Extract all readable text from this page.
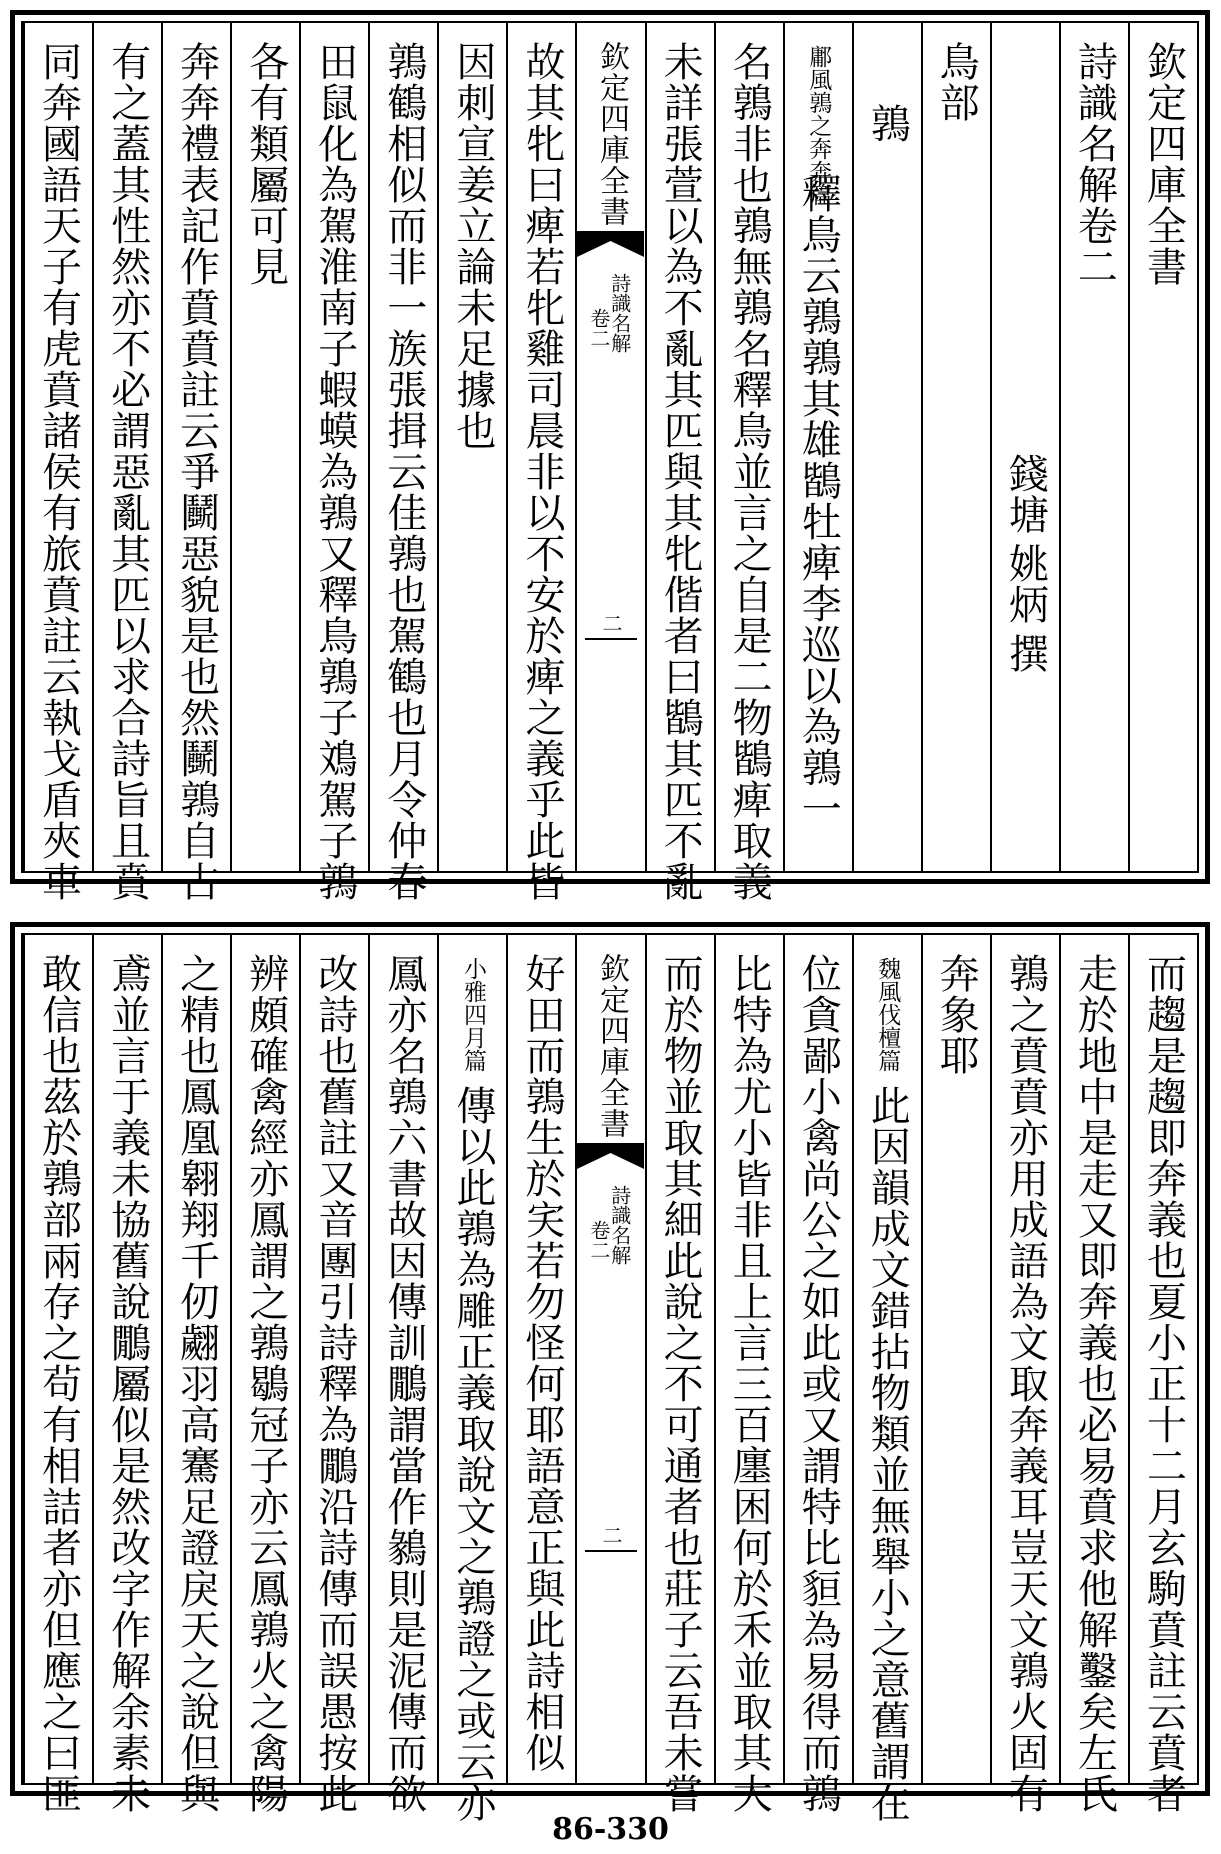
欽定四庫全書
詩識名解卷二
錢塘
姚炳
撰
鳥部
鶉
鄘風鶉之奔奔篇
釋鳥云鶉鶉其雄鶛牡痺李巡以為鶉一
名鶉非也鶉無鶉名釋鳥並言之自是二物鶛痺取義
未詳張萱以為不亂其匹與其牝偕者曰鶛其匹不亂
欽定四庫全書
詩識名解
卷二
二
故其牝曰痺若牝雞司晨非以不安於痺之義乎此皆
因刺宣姜立論未足據也
鶉鶴相似而非一族張揖云佳鶉也駕鶴也月令仲春
田鼠化為駕淮南子蝦蟆為鶉又釋鳥鶉子鳼駕子鶉
各有類屬可見
奔奔禮表記作賁賁註云爭鬭惡貌是也然鬭鶉自古
有之蓋其性然亦不必謂惡亂其匹以求合詩旨且賁
同奔國語天子有虎賁諸侯有旅賁註云執戈盾夾車
而趨是趨即奔義也夏小正十二月玄駒賁註云賁者
走於地中是走又即奔義也必易賁求他解鑿矣左氏
鶉之賁賁亦用成語為文取奔義耳豈天文鶉火固有
奔象耶
魏風伐檀篇
此因韻成文錯拈物類並無舉小之意舊謂在
位貪鄙小禽尚公之如此或又謂特比貆為易得而鶉
比特為尤小皆非且上言三百廛困何於禾並取其大
而於物並取其細此說之不可通者也莊子云吾未嘗
欽定四庫全書
詩識名解
卷二
二
好田而鶉生於宎若勿怪何耶語意正與此詩相似
小雅四月篇
傳以此鶉為雕正義取說文之鶉證之或云亦
鳳亦名鶉六書故因傳訓鷳謂當作鶨則是泥傳而欲
改詩也舊註又音團引詩釋為鷳沿詩傳而誤愚按此
辨頗確禽經亦鳳謂之鶉鶡冠子亦云鳳鶉火之禽陽
之精也鳳凰翱翔千仞翽羽高騫足證戾天之說但與
鳶並言于義未協舊說鷳屬似是然改字作解余素未
敢信也茲於鶉部兩存之茍有相詰者亦但應之曰匪
86-330
